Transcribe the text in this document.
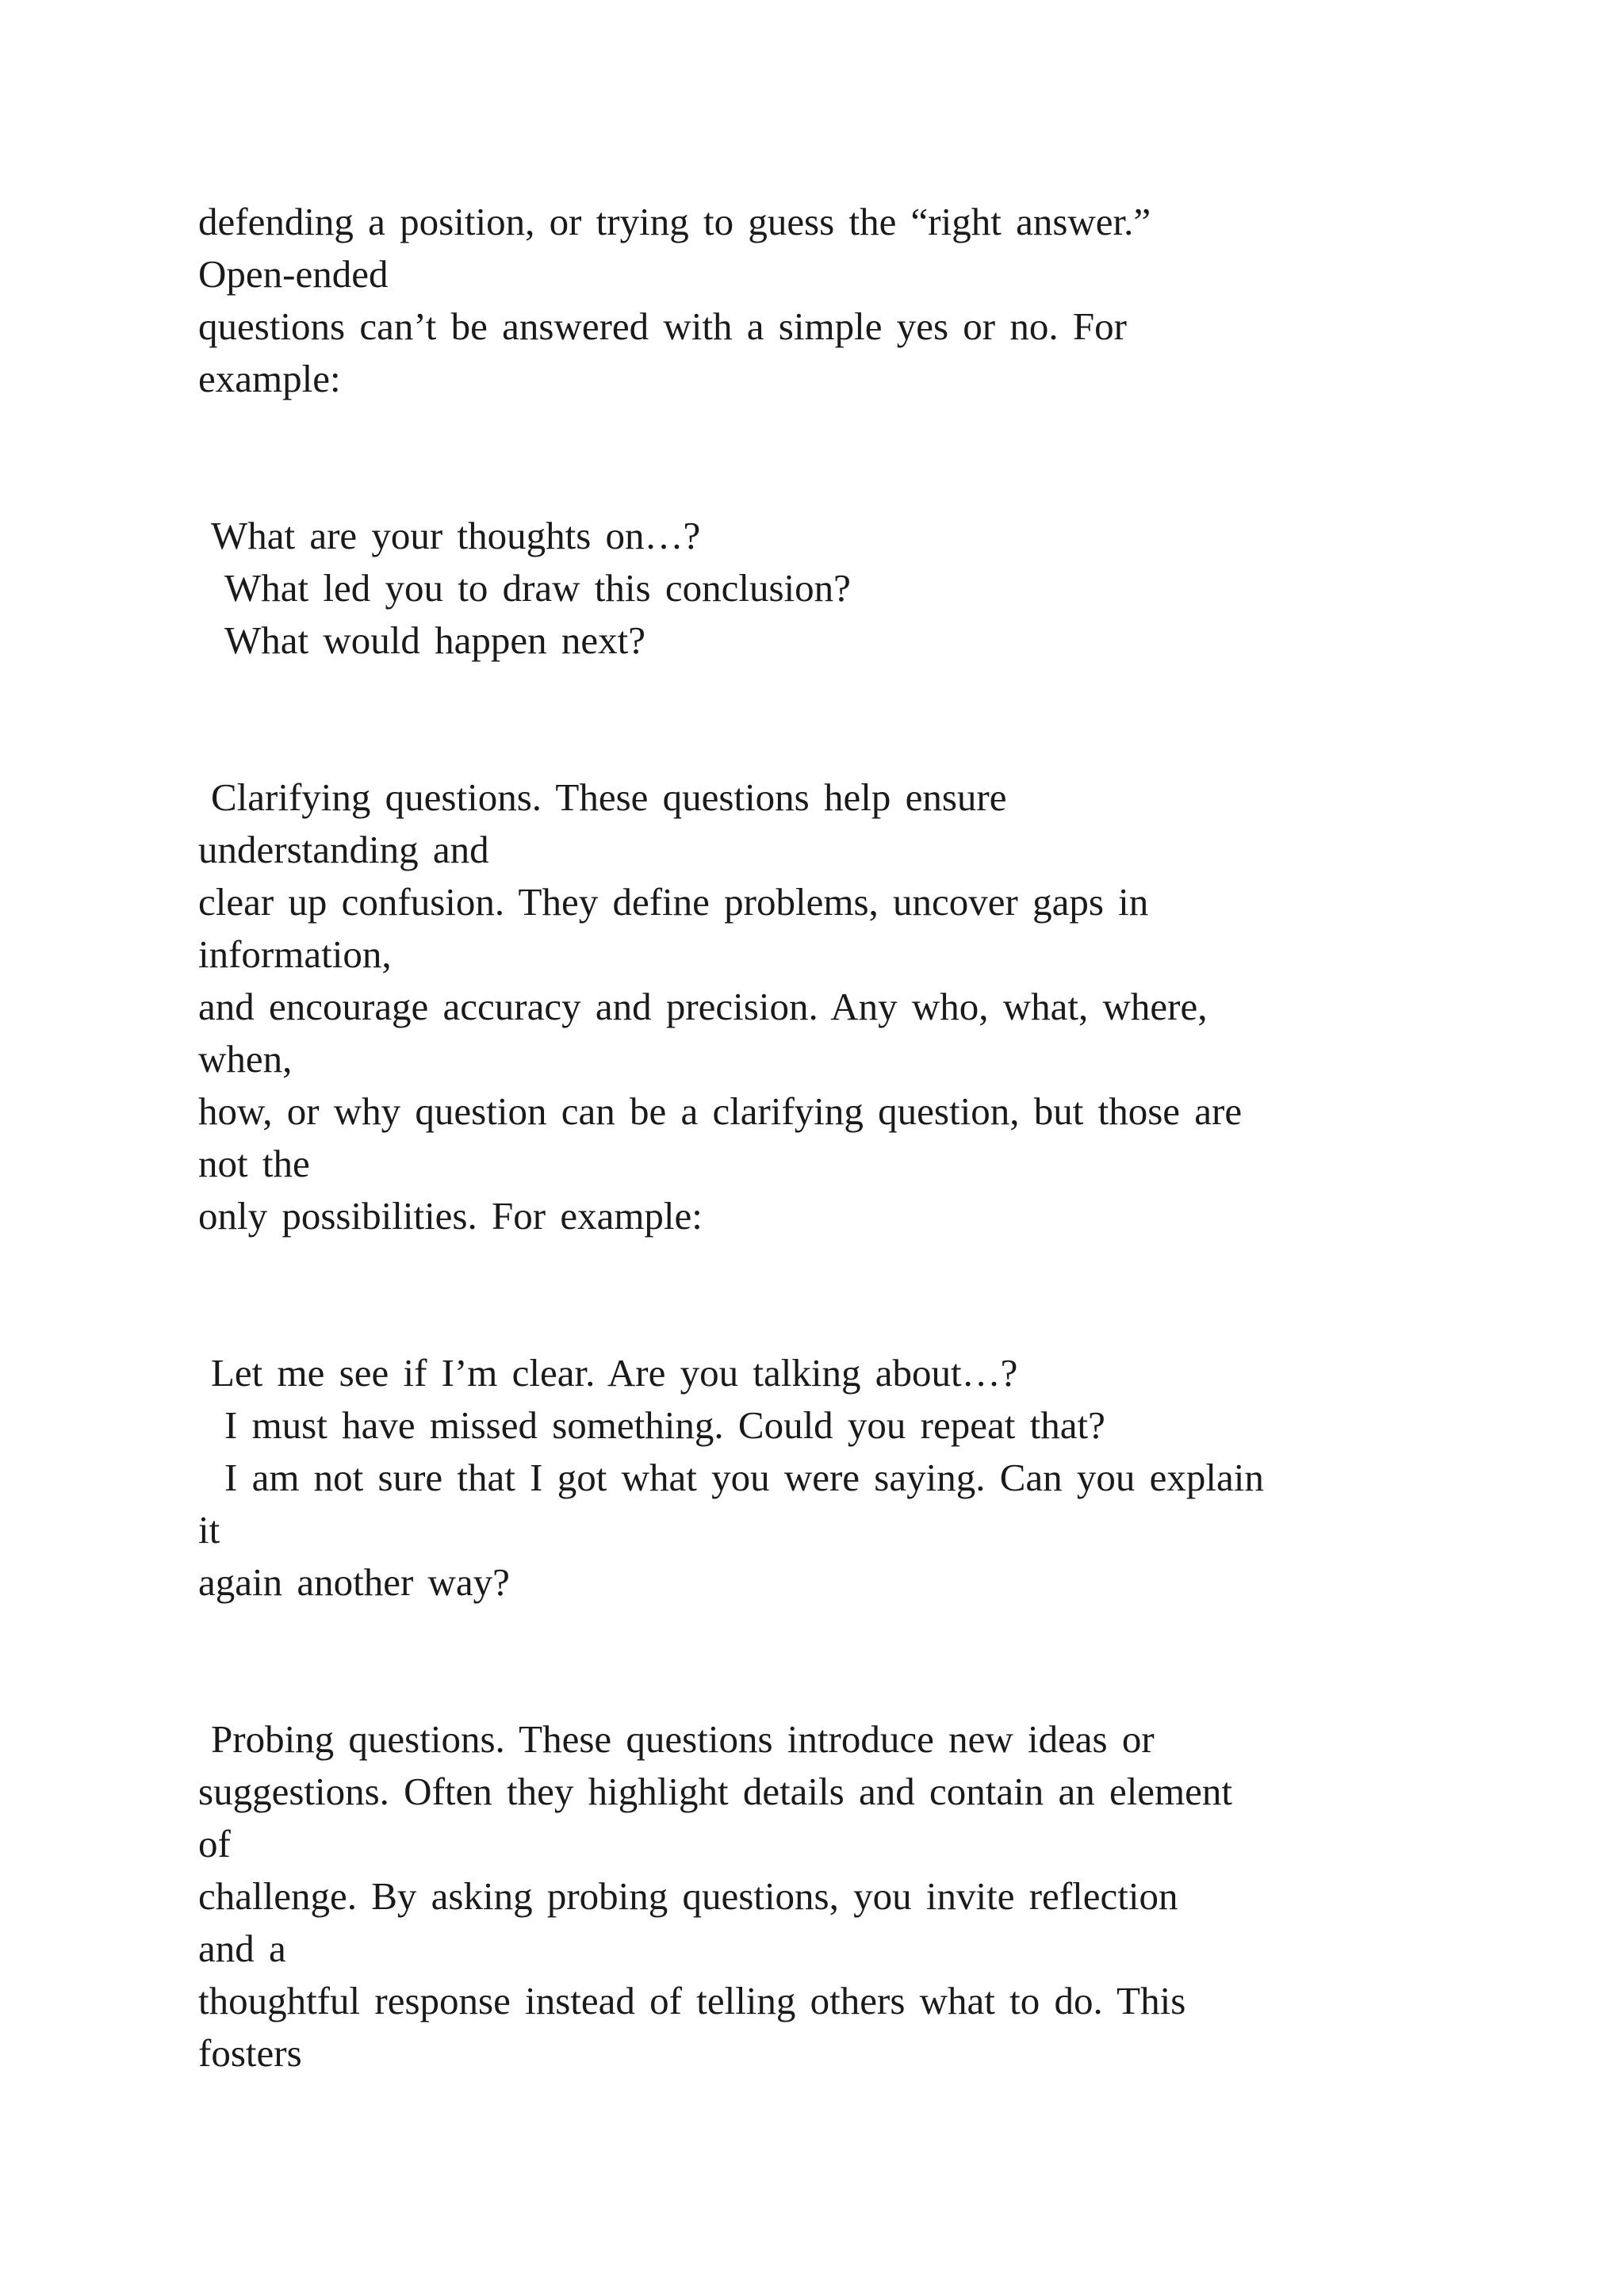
defending a position, or trying to guess the “right answer.”

Open-ended

questions can’t be answered with a simple yes or no. For

example:

What are your thoughts on…?

What led you to draw this conclusion?

What would happen next?

Clarifying questions. These questions help ensure

understanding and

clear up confusion. They define problems, uncover gaps in

information,

and encourage accuracy and precision. Any who, what, where,

when,

how, or why question can be a clarifying question, but those are

not the

only possibilities. For example:

Let me see if I’m clear. Are you talking about…?

I must have missed something. Could you repeat that?

I am not sure that I got what you were saying. Can you explain

it

again another way?

Probing questions. These questions introduce new ideas or

suggestions. Often they highlight details and contain an element

of

challenge. By asking probing questions, you invite reflection

and a

thoughtful response instead of telling others what to do. This

fosters
